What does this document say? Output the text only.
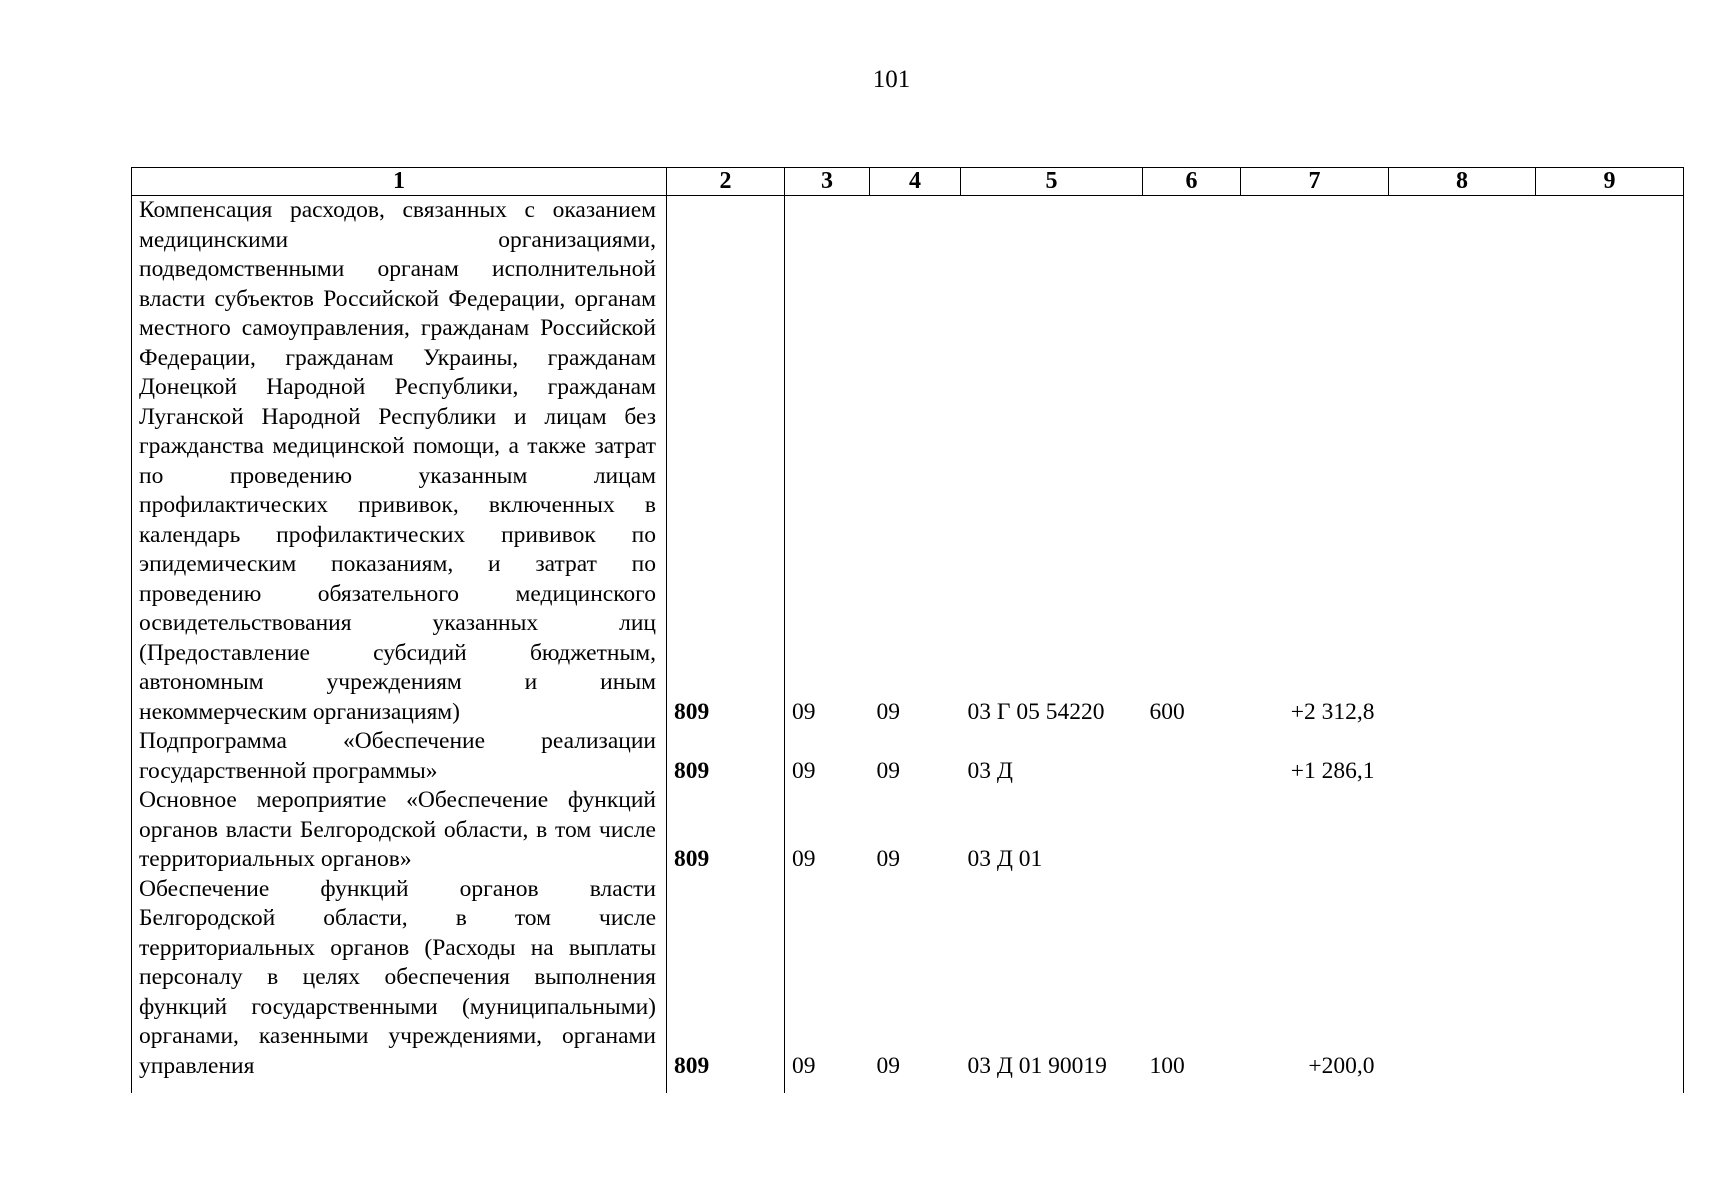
101
1	2	3	4	5	6	7	8	9
Компенсация расходов, связанных с оказанием медицинскими организациями, подведомственными органам исполнительной власти субъектов Российской Федерации, органам местного самоуправления, гражданам Российской Федерации, гражданам Украины, гражданам Донецкой Народной Республики, гражданам Луганской Народной Республики и лицам без гражданства медицинской помощи, а также затрат по проведению указанным лицам профилактических прививок, включенных в календарь профилактических прививок по эпидемическим показаниям, и затрат по проведению обязательного медицинского освидетельствования указанных лиц (Предоставление субсидий бюджетным, автономным учреждениям и иным некоммерческим организациям)	809	09	09	03 Г 05 54220	600	+2 312,8		
Подпрограмма «Обеспечение реализации государственной программы»	809	09	09	03 Д		+1 286,1		
Основное мероприятие «Обеспечение функций органов власти Белгородской области, в том числе территориальных органов»	809	09	09	03 Д 01				
Обеспечение функций органов власти Белгородской области, в том числе территориальных органов (Расходы на выплаты персоналу в целях обеспечения выполнения функций государственными (муниципальными) органами, казенными учреждениями, органами управления	809	09	09	03 Д 01 90019	100	+200,0		
